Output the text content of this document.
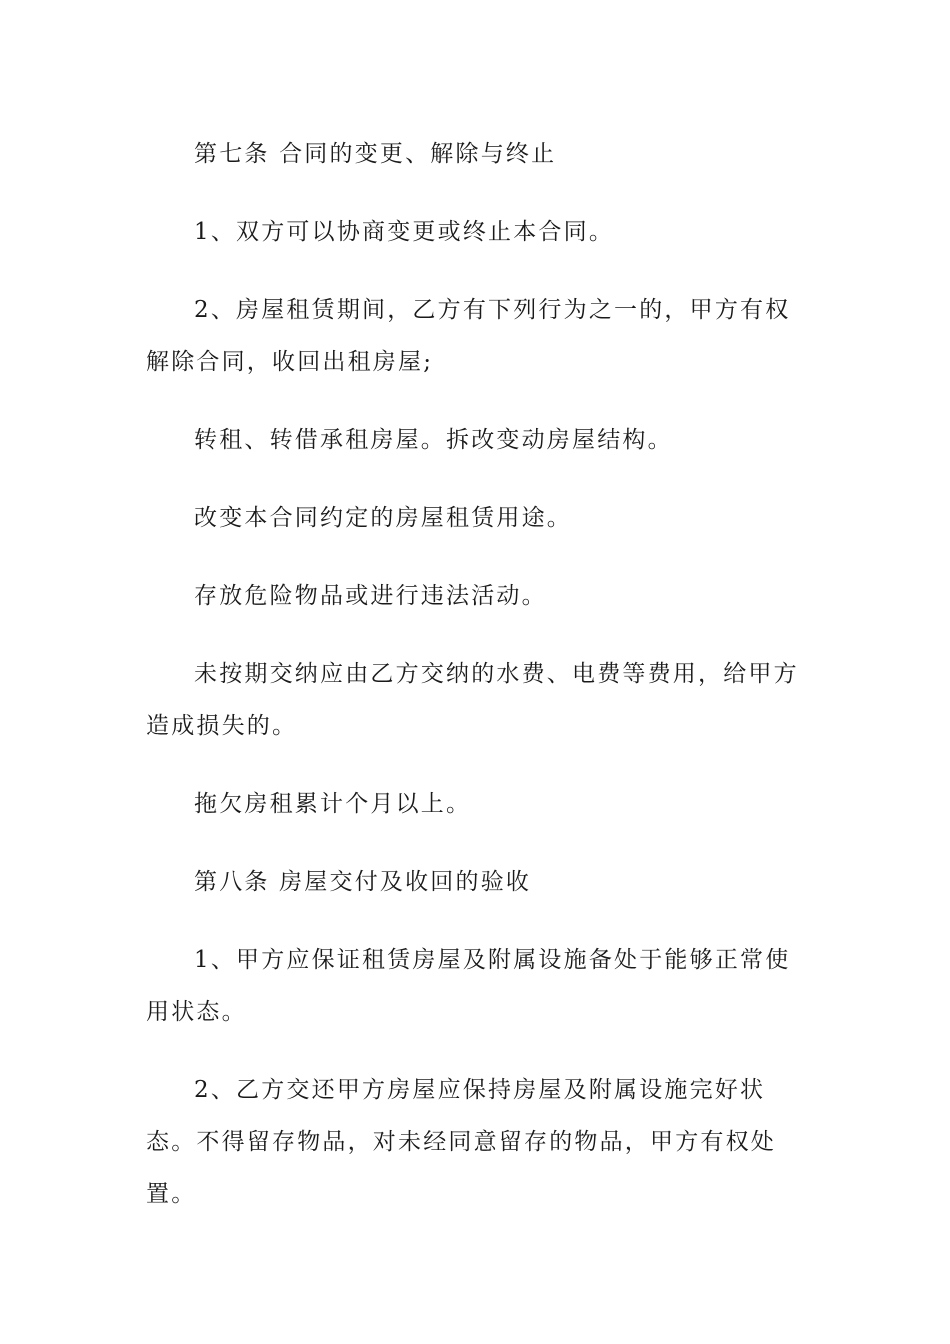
第七条 合同的变更、解除与终止

1、双方可以协商变更或终止本合同。

2、房屋租赁期间，乙方有下列行为之一的，甲方有权解除合同，收回出租房屋;

转租、转借承租房屋。拆改变动房屋结构。

改变本合同约定的房屋租赁用途。

存放危险物品或进行违法活动。

未按期交纳应由乙方交纳的水费、电费等费用，给甲方造成损失的。

拖欠房租累计个月以上。

第八条 房屋交付及收回的验收

1、甲方应保证租赁房屋及附属设施备处于能够正常使用状态。

2、乙方交还甲方房屋应保持房屋及附属设施完好状态。不得留存物品，对未经同意留存的物品，甲方有权处置。
